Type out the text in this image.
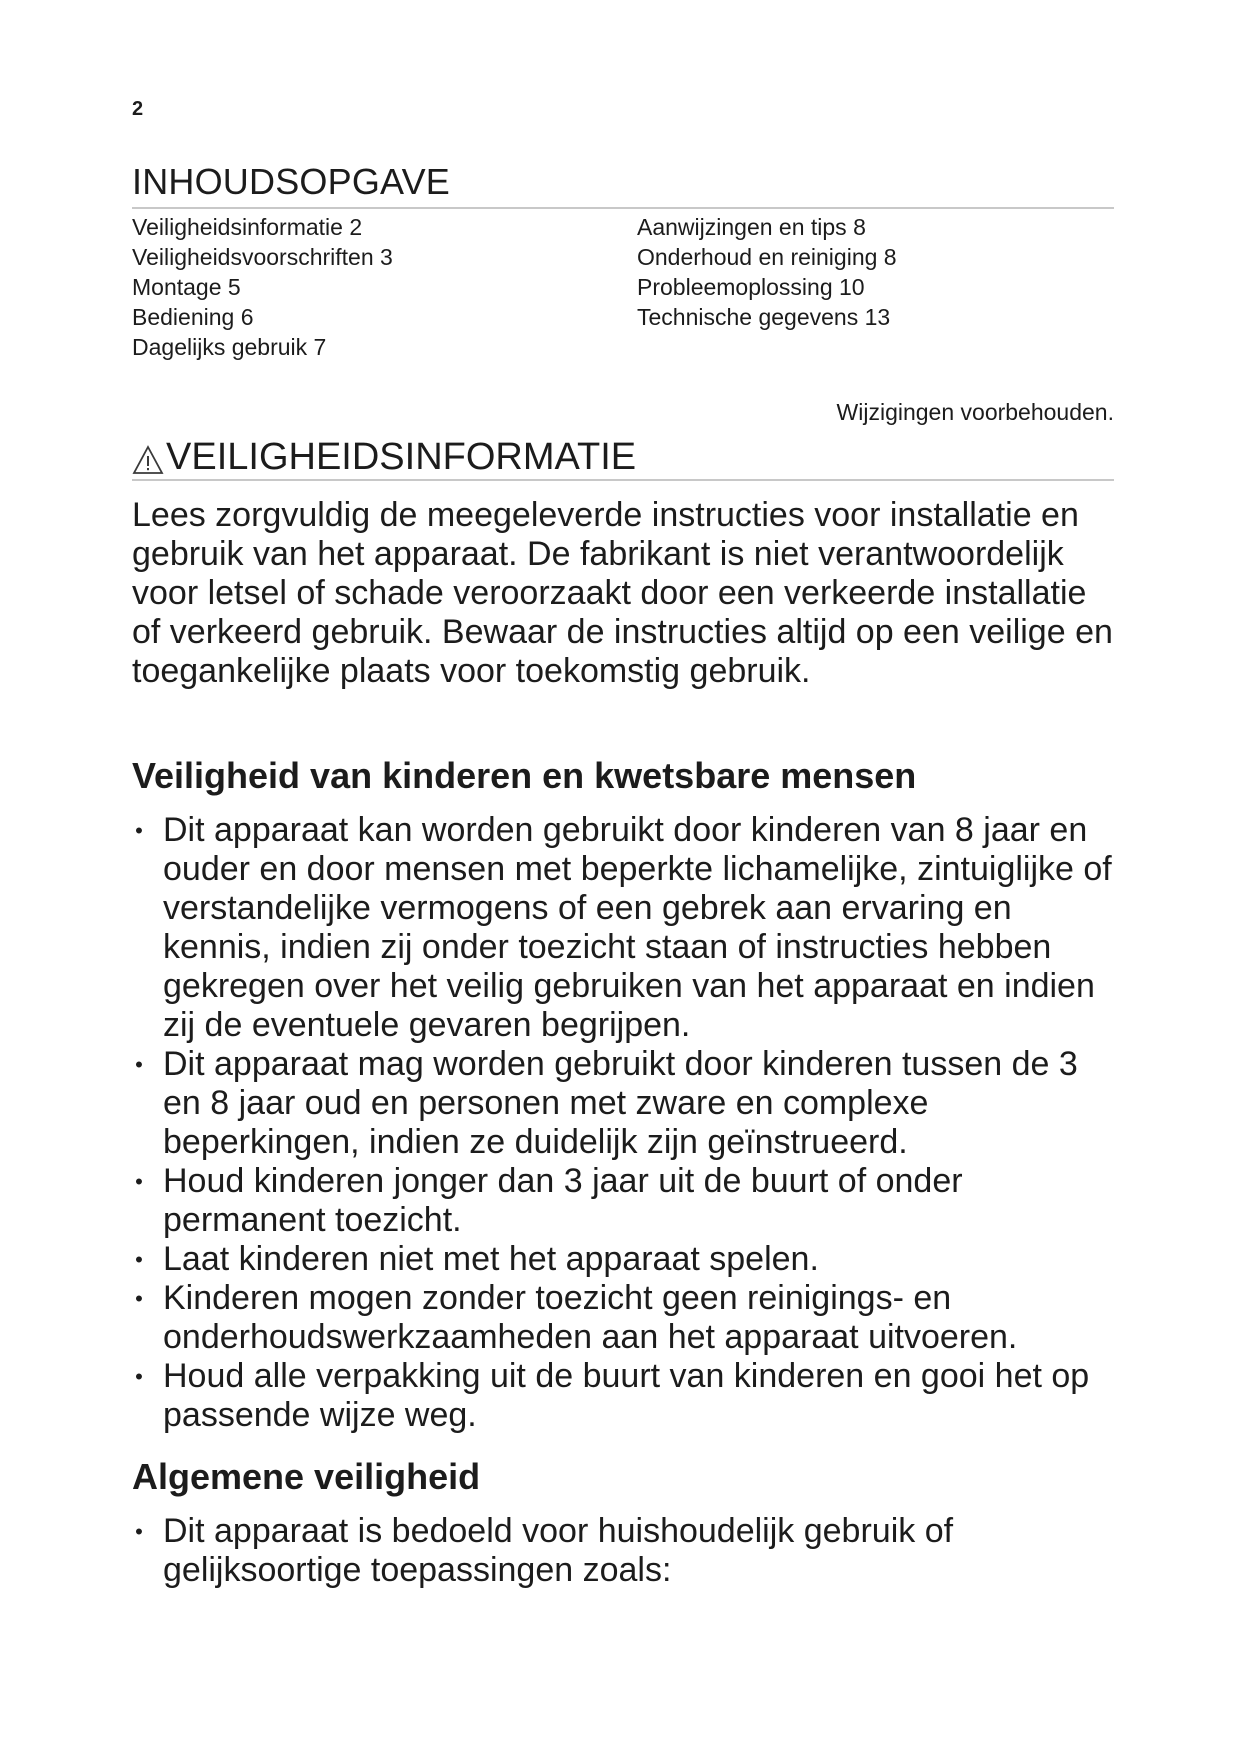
2
INHOUDSOPGAVE
Veiligheidsinformatie 2
Veiligheidsvoorschriften 3
Montage 5
Bediening 6
Dagelijks gebruik 7
Aanwijzingen en tips 8
Onderhoud en reiniging 8
Probleemoplossing 10
Technische gegevens 13
Wijzigingen voorbehouden.
VEILIGHEIDSINFORMATIE

Lees zorgvuldig de meegeleverde instructies voor installatie en gebruik van het apparaat. De fabrikant is niet verantwoordelijk voor letsel of schade veroorzaakt door een verkeerde installatie of verkeerd gebruik. Bewaar de instructies altijd op een veilige en toegankelijke plaats voor toekomstig gebruik.

Veiligheid van kinderen en kwetsbare mensen
• Dit apparaat kan worden gebruikt door kinderen van 8 jaar en ouder en door mensen met beperkte lichamelijke, zintuiglijke of verstandelijke vermogens of een gebrek aan ervaring en kennis, indien zij onder toezicht staan of instructies hebben gekregen over het veilig gebruiken van het apparaat en indien zij de eventuele gevaren begrijpen.
• Dit apparaat mag worden gebruikt door kinderen tussen de 3 en 8 jaar oud en personen met zware en complexe beperkingen, indien ze duidelijk zijn geïnstrueerd.
• Houd kinderen jonger dan 3 jaar uit de buurt of onder permanent toezicht.
• Laat kinderen niet met het apparaat spelen.
• Kinderen mogen zonder toezicht geen reinigings- en onderhoudswerkzaamheden aan het apparaat uitvoeren.
• Houd alle verpakking uit de buurt van kinderen en gooi het op passende wijze weg.
Algemene veiligheid
• Dit apparaat is bedoeld voor huishoudelijk gebruik of gelijksoortige toepassingen zoals:
